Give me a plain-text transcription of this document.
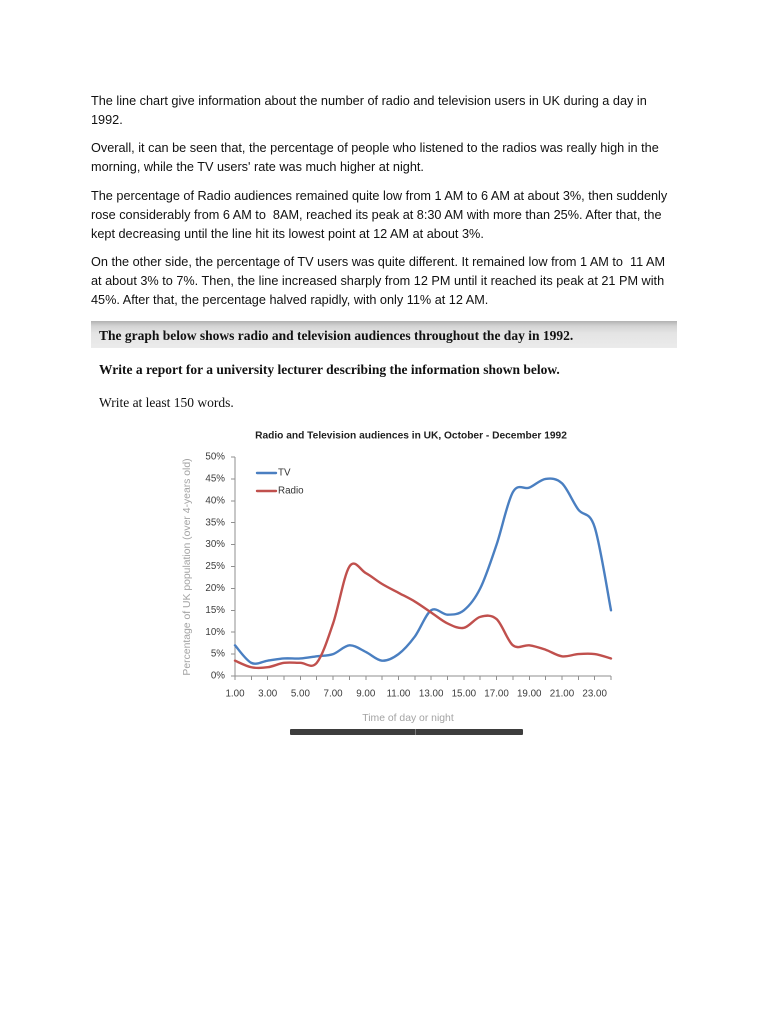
The line chart give information about the number of radio and television users in UK during a day in
1992.

Overall, it can be seen that, the percentage of people who listened to the radios was really high in the
morning, while the TV users' rate was much higher at night.

The percentage of Radio audiences remained quite low from 1 AM to 6 AM at about 3%, then suddenly
rose considerably from 6 AM to  8AM, reached its peak at 8:30 AM with more than 25%. After that, the
kept decreasing until the line hit its lowest point at 12 AM at about 3%.

On the other side, the percentage of TV users was quite different. It remained low from 1 AM to  11 AM
at about 3% to 7%. Then, the line increased sharply from 12 PM until it reached its peak at 21 PM with
45%. After that, the percentage halved rapidly, with only 11% at 12 AM.

The graph below shows radio and television audiences throughout the day in 1992.
Write a report for a university lecturer describing the information shown below.
Write at least 150 words.
Radio and Television audiences in UK, October - December 1992
Percentage of UK population (over 4-years old)
Time of day or night
0%
5%
10%
15%
20%
25%
30%
35%
40%
45%
50%
1.00 3.00 5.00 7.00 9.00 11.00 13.00 15.00 17.00 19.00 21.00 23.00
TV
Radio
